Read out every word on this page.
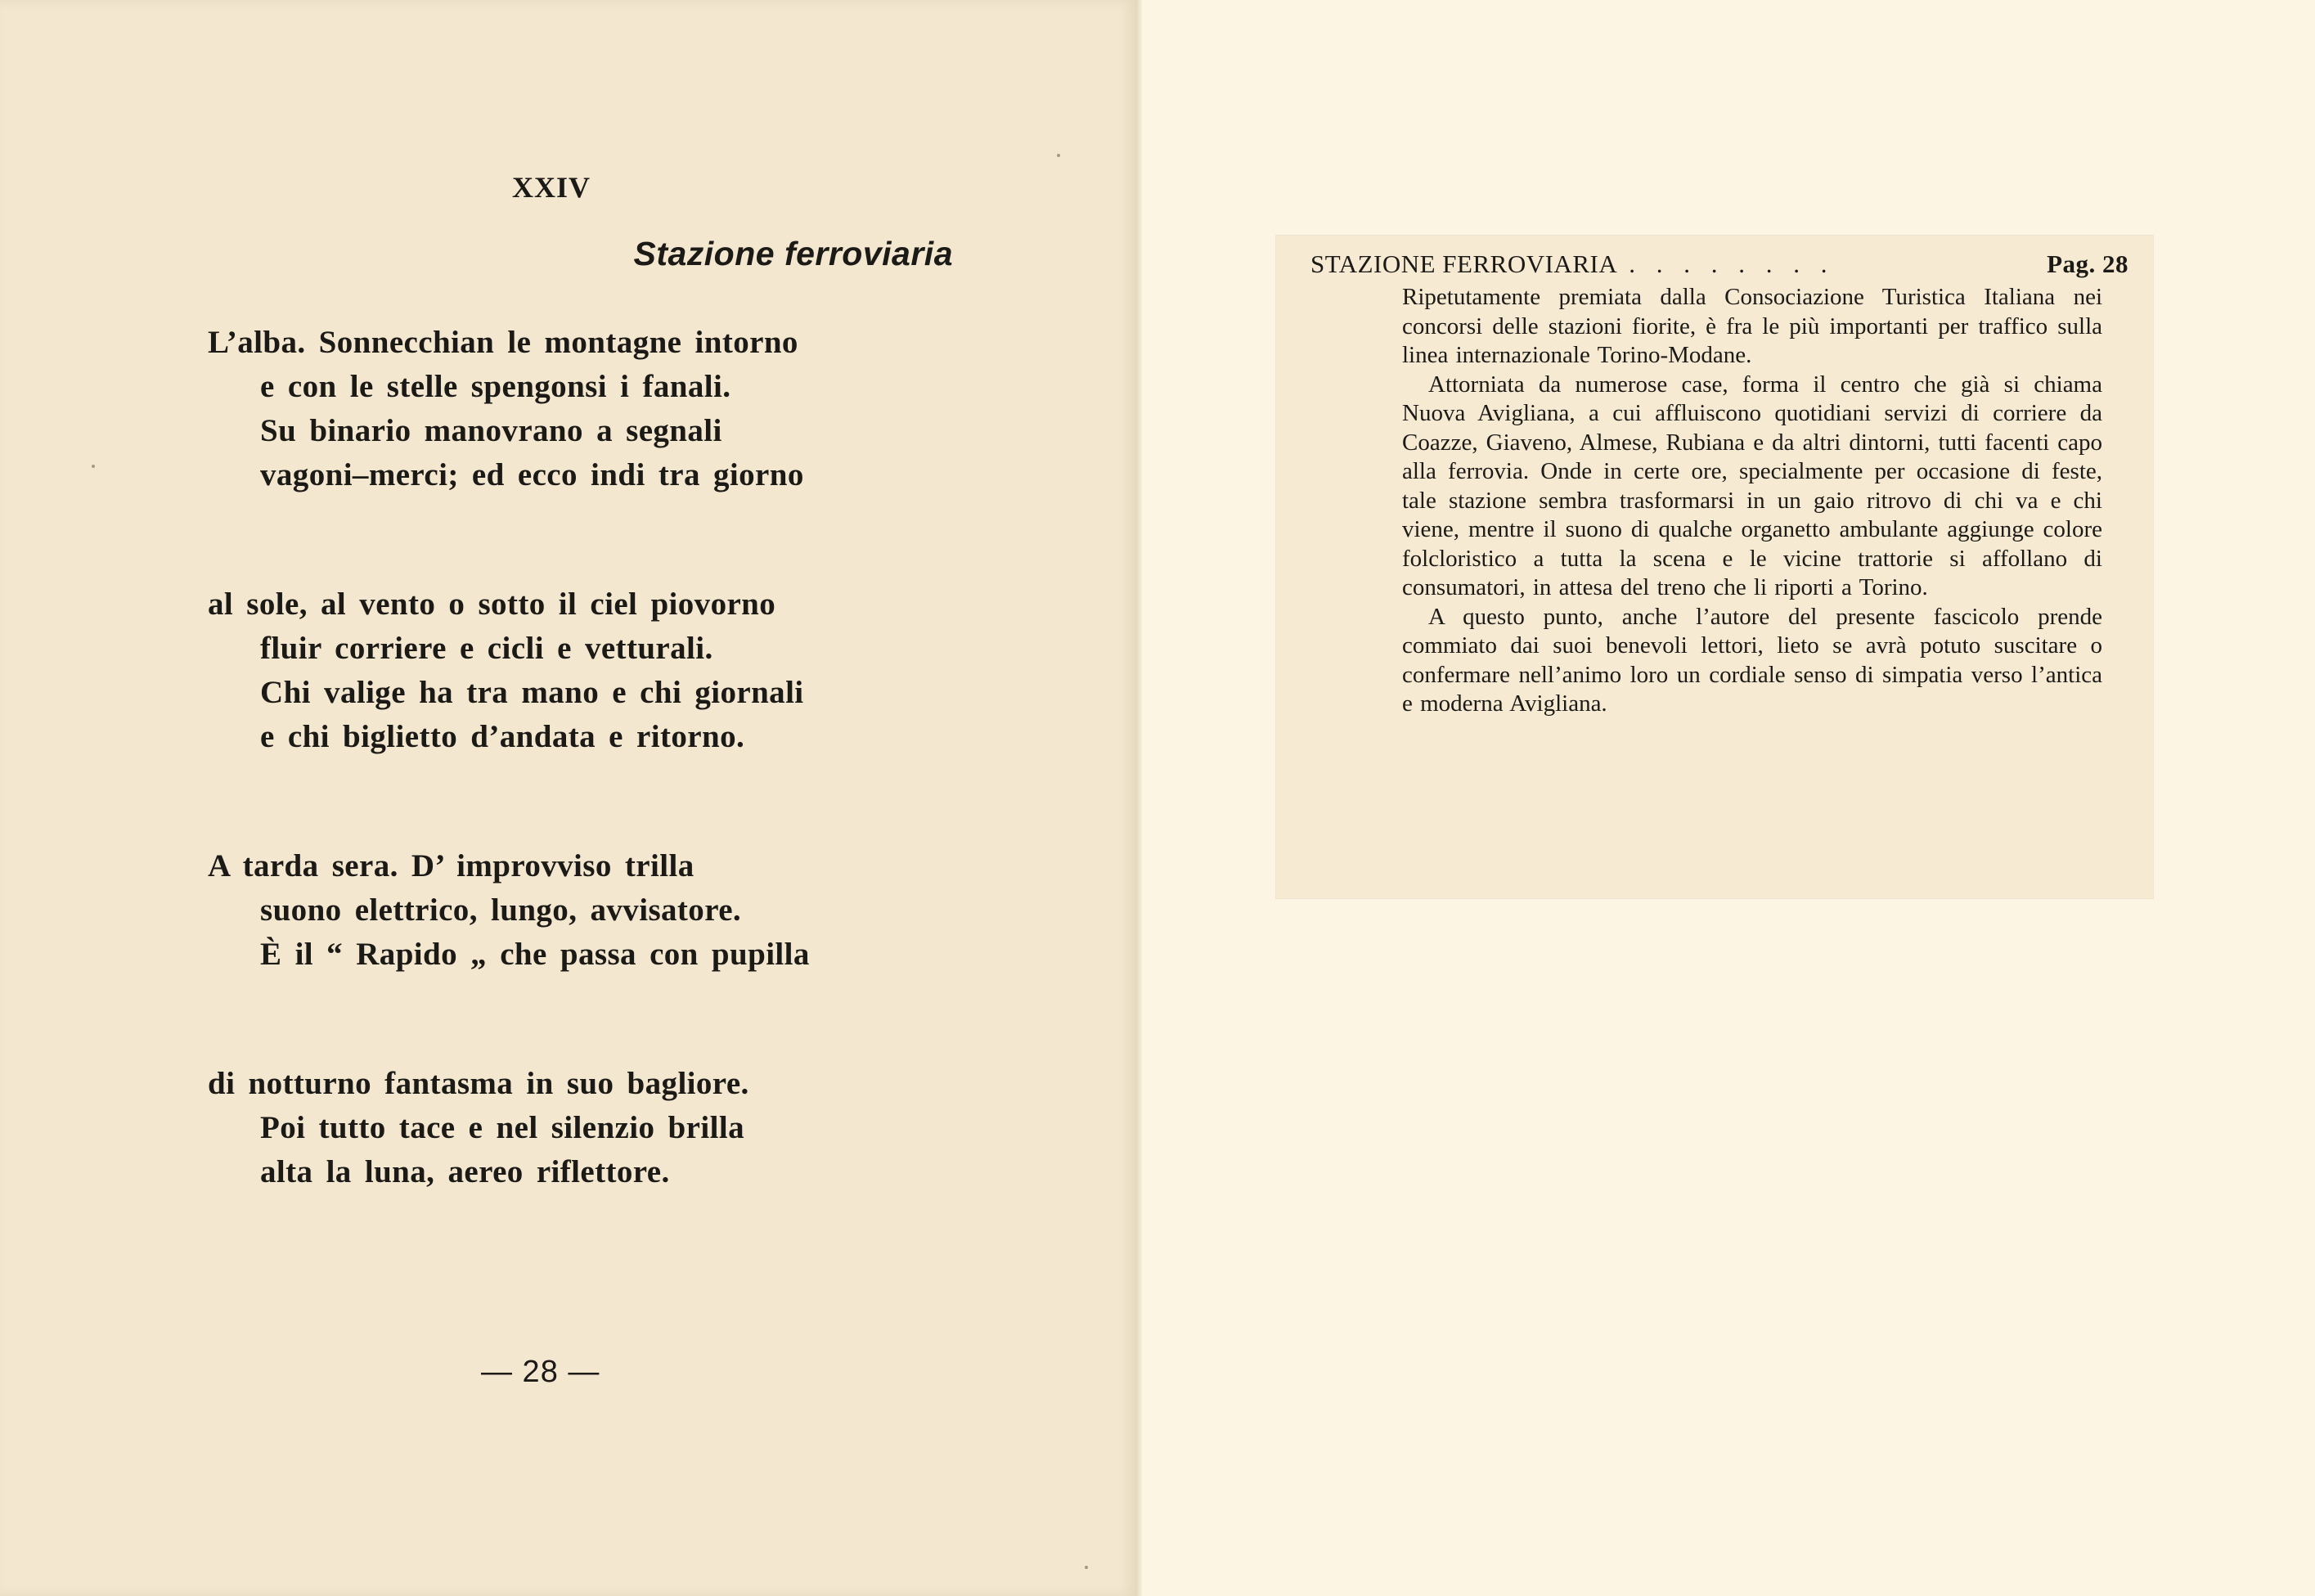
XXIV
Stazione ferroviaria
L’alba. Sonnecchian le montagne intorno
e con le stelle spengonsi i fanali.
Su binario manovrano a segnali
vagoni–merci; ed ecco indi tra giorno
al sole, al vento o sotto il ciel piovorno
fluir corriere e cicli e vetturali.
Chi valige ha tra mano e chi giornali
e chi biglietto d’andata e ritorno.
A tarda sera. D’ improvviso trilla
suono elettrico, lungo, avvisatore.
È il “ Rapido „ che passa con pupilla
di notturno fantasma in suo bagliore.
Poi tutto tace e nel silenzio brilla
alta la luna, aereo riflettore.
— 28 —
STAZIONE FERROVIARIA . . . . . . . .	Pag. 28

Ripetutamente premiata dalla Consociazione Turistica Italiana nei concorsi delle stazioni fiorite, è fra le più importanti per traffico sulla linea internazionale Torino-Modane.

Attorniata da numerose case, forma il centro che già si chiama Nuova Avigliana, a cui affluiscono quotidiani servizi di corriere da Coazze, Giaveno, Almese, Rubiana e da altri dintorni, tutti facenti capo alla ferrovia. Onde in certe ore, specialmente per occasione di feste, tale stazione sembra trasformarsi in un gaio ritrovo di chi va e chi viene, mentre il suono di qualche organetto ambulante aggiunge colore folcloristico a tutta la scena e le vicine trattorie si affollano di consumatori, in attesa del treno che li riporti a Torino.

A questo punto, anche l’autore del presente fascicolo prende commiato dai suoi benevoli lettori, lieto se avrà potuto suscitare o confermare nell’animo loro un cordiale senso di simpatia verso l’antica e moderna Avigliana.
